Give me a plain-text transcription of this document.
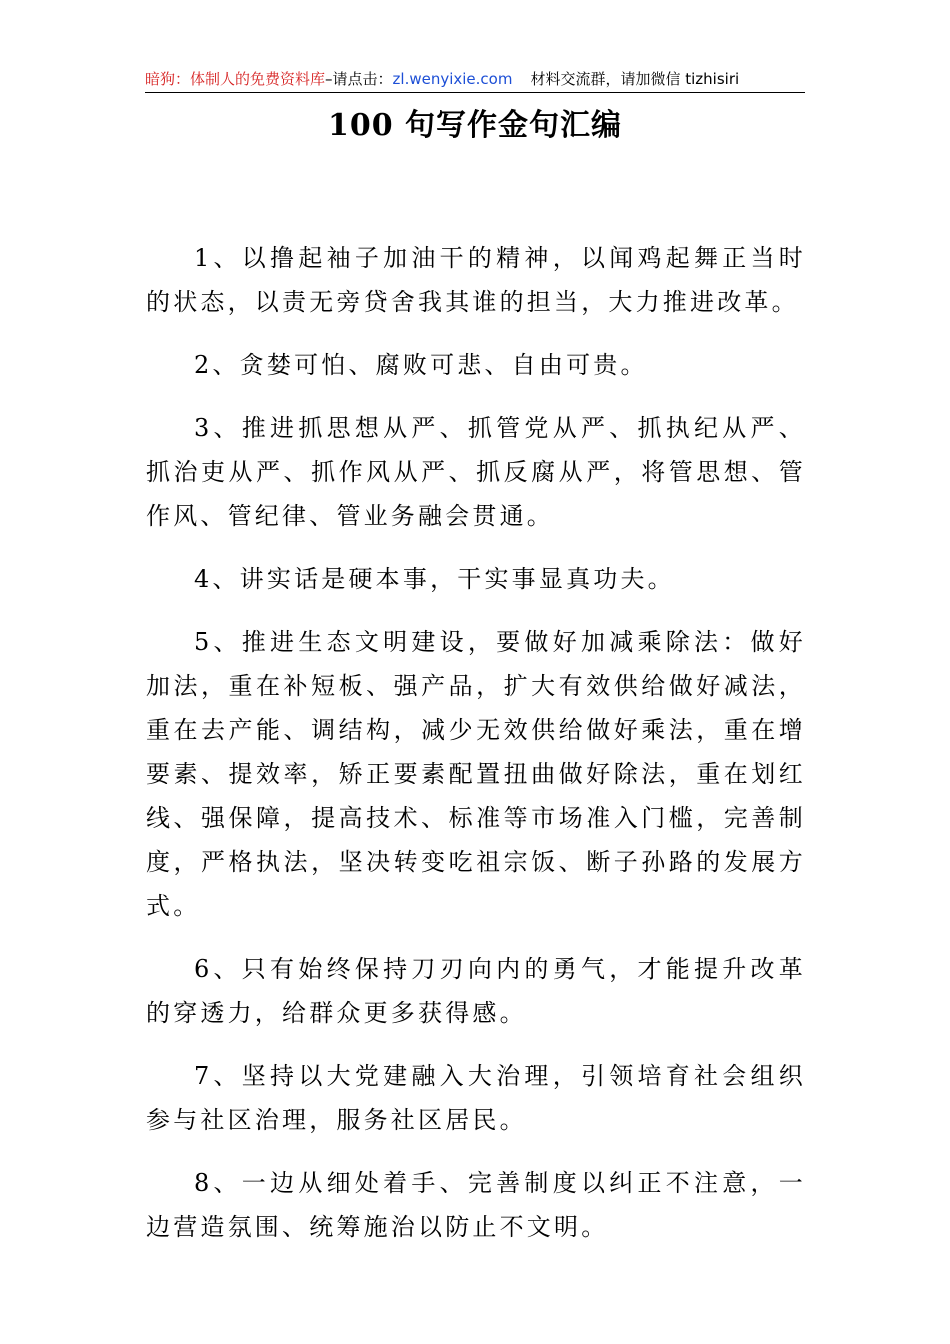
暗狗：体制人的免费资料库–请点击：zl.wenyixie.com 材料交流群，请加微信 tizhisiri
100 句写作金句汇编

1、以撸起袖子加油干的精神，以闻鸡起舞正当时的状态，以责无旁贷舍我其谁的担当，大力推进改革。

2、贪婪可怕、腐败可悲、自由可贵。

3、推进抓思想从严、抓管党从严、抓执纪从严、抓治吏从严、抓作风从严、抓反腐从严，将管思想、管作风、管纪律、管业务融会贯通。

4、讲实话是硬本事，干实事显真功夫。

5、推进生态文明建设，要做好加减乘除法：做好加法，重在补短板、强产品，扩大有效供给做好减法，重在去产能、调结构，减少无效供给做好乘法，重在增要素、提效率，矫正要素配置扭曲做好除法，重在划红线、强保障，提高技术、标准等市场准入门槛，完善制度，严格执法，坚决转变吃祖宗饭、断子孙路的发展方式。

6、只有始终保持刀刃向内的勇气，才能提升改革的穿透力，给群众更多获得感。

7、坚持以大党建融入大治理，引领培育社会组织参与社区治理，服务社区居民。

8、一边从细处着手、完善制度以纠正不注意，一边营造氛围、统筹施治以防止不文明。
